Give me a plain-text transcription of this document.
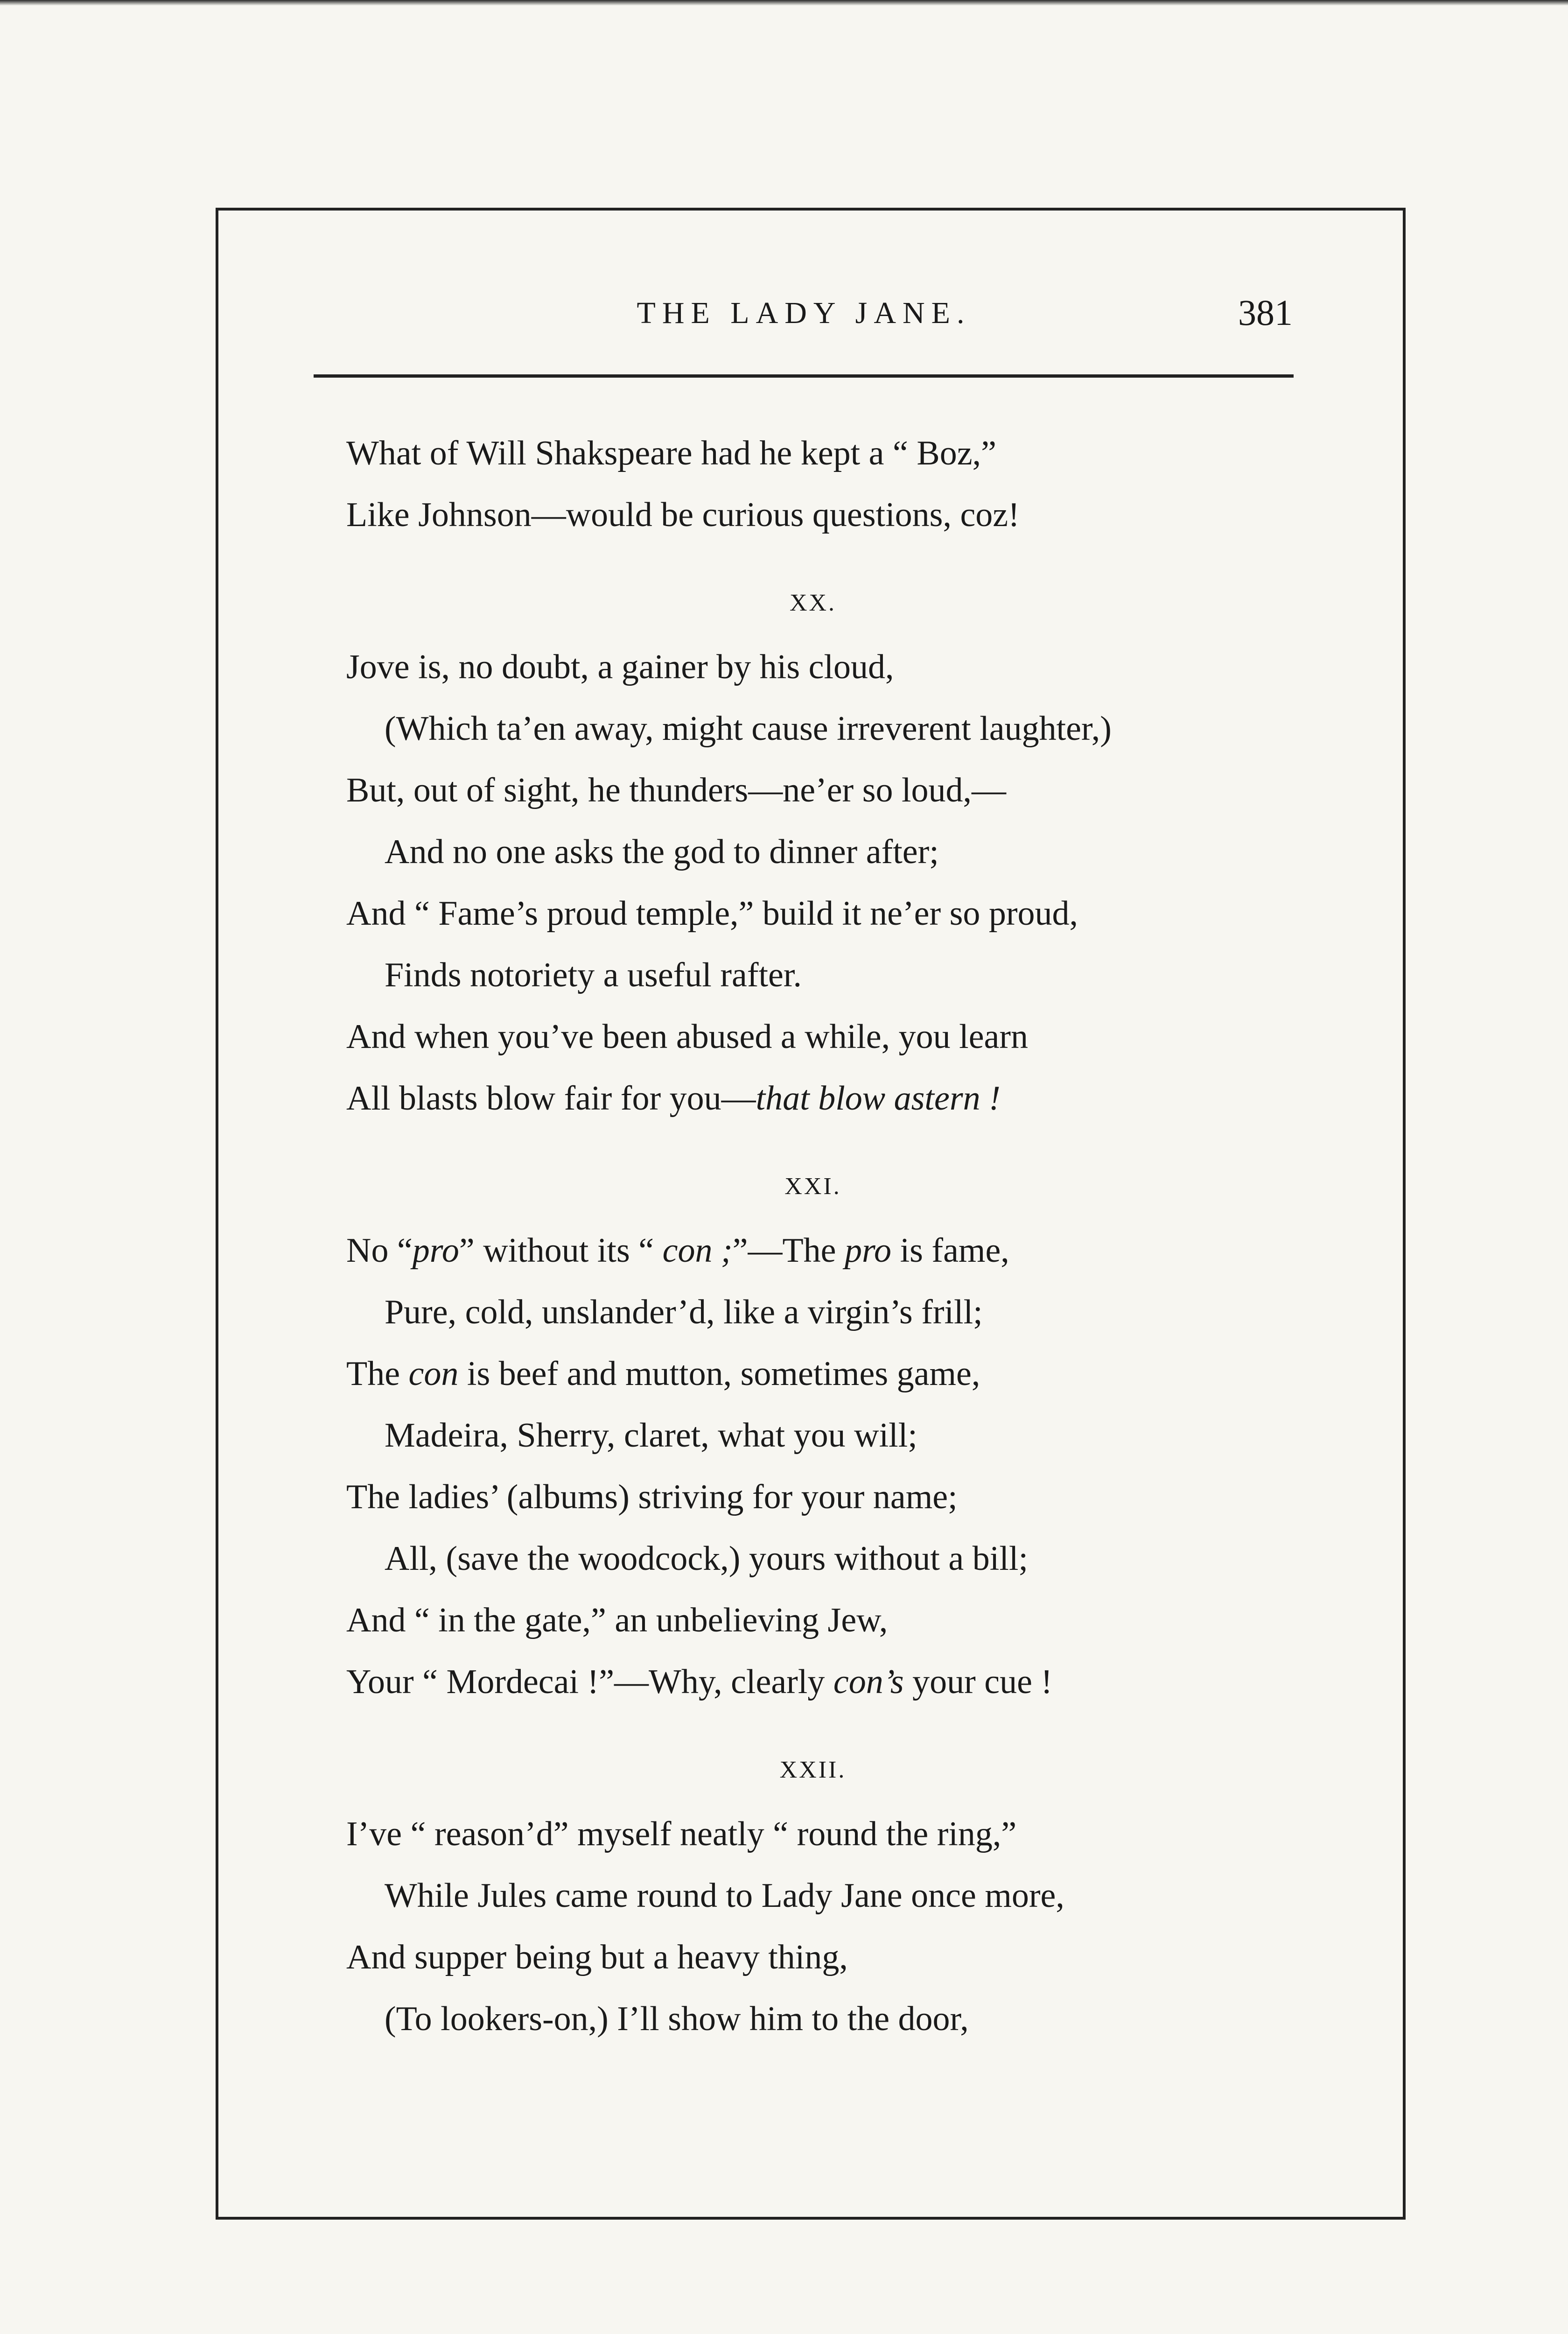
THE LADY JANE.	381
What of Will Shakspeare had he kept a “ Boz,”
Like Johnson—would be curious questions, coz!
XX.
Jove is, no doubt, a gainer by his cloud,
(Which ta’en away, might cause irreverent laughter,)
But, out of sight, he thunders—ne’er so loud,—
And no one asks the god to dinner after;
And “ Fame’s proud temple,” build it ne’er so proud,
Finds notoriety a useful rafter.
And when you’ve been abused a while, you learn
All blasts blow fair for you—that blow astern !
XXI.
No “pro” without its “ con ;”—The pro is fame,
Pure, cold, unslander’d, like a virgin’s frill;
The con is beef and mutton, sometimes game,
Madeira, Sherry, claret, what you will;
The ladies’ (albums) striving for your name;
All, (save the woodcock,) yours without a bill;
And “ in the gate,” an unbelieving Jew,
Your “ Mordecai !”—Why, clearly con’s your cue !
XXII.
I’ve “ reason’d” myself neatly “ round the ring,”
While Jules came round to Lady Jane once more,
And supper being but a heavy thing,
(To lookers-on,) I’ll show him to the door,
